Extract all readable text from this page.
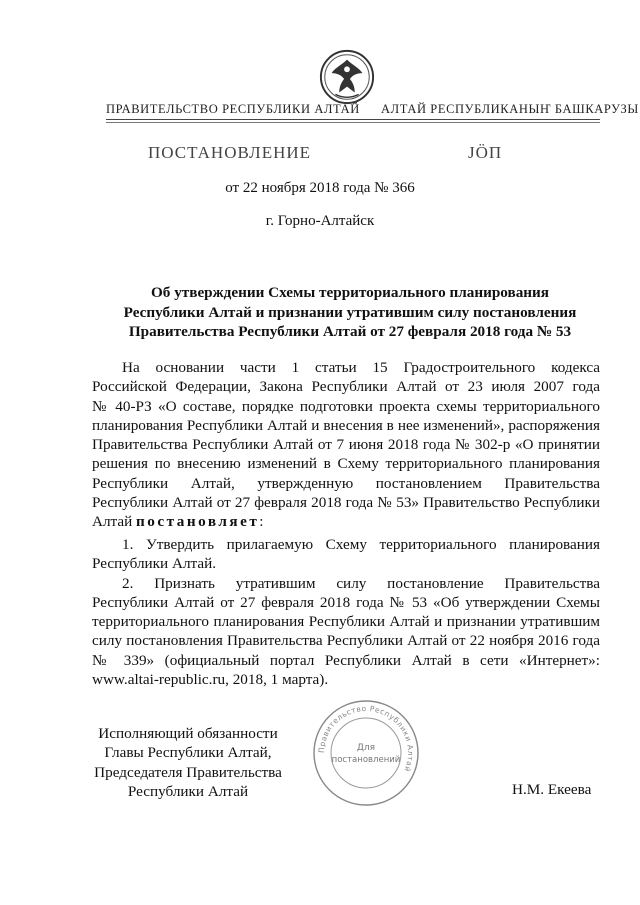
ПРАВИТЕЛЬСТВО РЕСПУБЛИКИ АЛТАЙ АЛТАЙ РЕСПУБЛИКАНЫҤ БАШКАРУЗЫ
ПОСТАНОВЛЕНИЕ	ЈӦП
от 22 ноября 2018 года № 366
г. Горно-Алтайск
Об утверждении Схемы территориального планирования
Республики Алтай и признании утратившим силу постановления
Правительства Республики Алтай от 27 февраля 2018 года № 53
На основании части 1 статьи 15 Градостроительного кодекса
Российской Федерации, Закона Республики Алтай от 23 июля 2007 года
№ 40-РЗ «О составе, порядке подготовки проекта схемы территориального
планирования Республики Алтай и внесения в нее изменений», распоряжения
Правительства Республики Алтай от 7 июня 2018 года № 302-р «О принятии
решения по внесению изменений в Схему территориального планирования
Республики Алтай, утвержденную постановлением Правительства
Республики Алтай от 27 февраля 2018 года № 53» Правительство Республики
Алтай постановляет:
1. Утвердить прилагаемую Схему территориального планирования
Республики Алтай.
2. Признать утратившим силу постановление Правительства
Республики Алтай от 27 февраля 2018 года № 53 «Об утверждении Схемы
территориального планирования Республики Алтай и признании утратившим
силу постановления Правительства Республики Алтай от 22 ноября 2016 года
№ 339» (официальный портал Республики Алтай в сети «Интернет»:
www.altai-republic.ru, 2018, 1 марта).
Исполняющий обязанности
Главы Республики Алтай,
Председателя Правительства
Республики Алтай
Правительство Республики Алтай
Для
постановлений
Н.М. Екеева
